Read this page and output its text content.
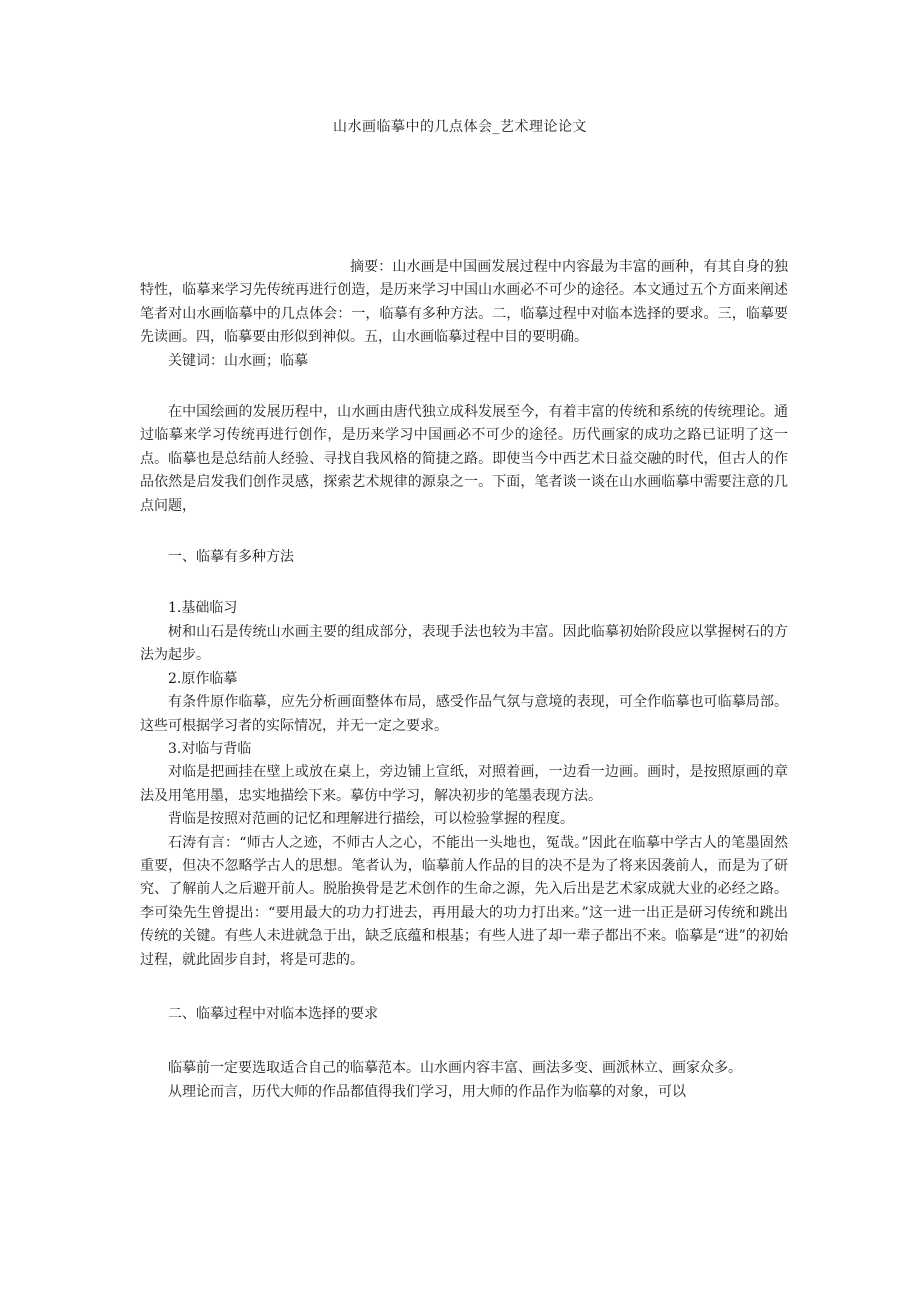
山水画临摹中的几点体会_艺术理论论文

摘要：山水画是中国画发展过程中内容最为丰富的画种，有其自身的独特性，临摹来学习先传统再进行创造，是历来学习中国山水画必不可少的途径。本文通过五个方面来阐述笔者对山水画临摹中的几点体会：一，临摹有多种方法。二，临摹过程中对临本选择的要求。三，临摹要先读画。四，临摹要由形似到神似。五，山水画临摹过程中目的要明确。

关键词：山水画；临摹

在中国绘画的发展历程中，山水画由唐代独立成科发展至今，有着丰富的传统和系统的传统理论。通过临摹来学习传统再进行创作，是历来学习中国画必不可少的途径。历代画家的成功之路已证明了这一点。临摹也是总结前人经验、寻找自我风格的简捷之路。即使当今中西艺术日益交融的时代，但古人的作品依然是启发我们创作灵感，探索艺术规律的源泉之一。下面，笔者谈一谈在山水画临摹中需要注意的几点问题，

一、临摹有多种方法

1.基础临习

树和山石是传统山水画主要的组成部分，表现手法也较为丰富。因此临摹初始阶段应以掌握树石的方法为起步。

2.原作临摹

有条件原作临摹，应先分析画面整体布局，感受作品气氛与意境的表现，可全作临摹也可临摹局部。这些可根据学习者的实际情况，并无一定之要求。

3.对临与背临

对临是把画挂在壁上或放在桌上，旁边铺上宣纸，对照着画，一边看一边画。画时，是按照原画的章法及用笔用墨，忠实地描绘下来。摹仿中学习，解决初步的笔墨表现方法。

背临是按照对范画的记忆和理解进行描绘，可以检验掌握的程度。

石涛有言：“师古人之迹，不师古人之心，不能出一头地也，冤哉。”因此在临摹中学古人的笔墨固然重要，但决不忽略学古人的思想。笔者认为，临摹前人作品的目的决不是为了将来因袭前人，而是为了研究、了解前人之后避开前人。脱胎换骨是艺术创作的生命之源，先入后出是艺术家成就大业的必经之路。李可染先生曾提出：“要用最大的功力打进去，再用最大的功力打出来。”这一进一出正是研习传统和跳出传统的关键。有些人未进就急于出，缺乏底蕴和根基；有些人进了却一辈子都出不来。临摹是“进”的初始过程，就此固步自封，将是可悲的。

二、临摹过程中对临本选择的要求

临摹前一定要选取适合自己的临摹范本。山水画内容丰富、画法多变、画派林立、画家众多。

从理论而言，历代大师的作品都值得我们学习，用大师的作品作为临摹的对象，可以
